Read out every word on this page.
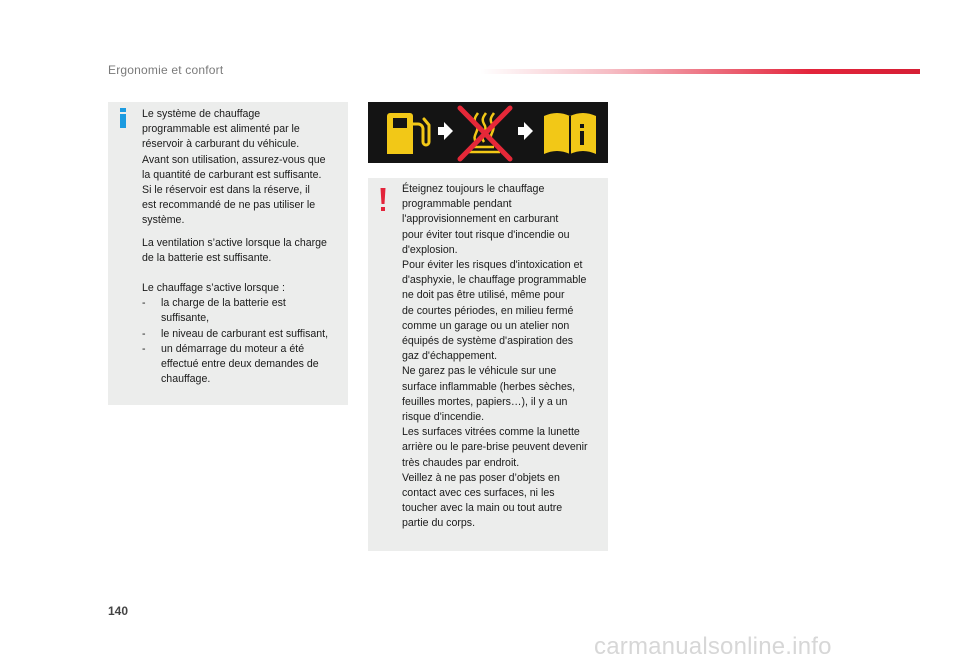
Ergonomie et confort

Le système de chauffage
programmable est alimenté par le
réservoir à carburant du véhicule.
Avant son utilisation, assurez-vous que
la quantité de carburant est suffisante.
Si le réservoir est dans la réserve, il
est recommandé de ne pas utiliser le
système.

La ventilation s’active lorsque la charge
de la batterie est suffisante.

Le chauffage s’active lorsque :

- la charge de la batterie est
suffisante,
- le niveau de carburant est suffisant,
- un démarrage du moteur a été
effectué entre deux demandes de
chauffage.

Éteignez toujours le chauffage
programmable pendant
l'approvisionnement en carburant
pour éviter tout risque d'incendie ou
d'explosion.
Pour éviter les risques d'intoxication et
d'asphyxie, le chauffage programmable
ne doit pas être utilisé, même pour
de courtes périodes, en milieu fermé
comme un garage ou un atelier non
équipés de système d'aspiration des
gaz d'échappement.
Ne garez pas le véhicule sur une
surface inflammable (herbes sèches,
feuilles mortes, papiers…), il y a un
risque d'incendie.
Les surfaces vitrées comme la lunette
arrière ou le pare-brise peuvent devenir
très chaudes par endroit.
Veillez à ne pas poser d’objets en
contact avec ces surfaces, ni les
toucher avec la main ou tout autre
partie du corps.

140
carmanualsonline.info
